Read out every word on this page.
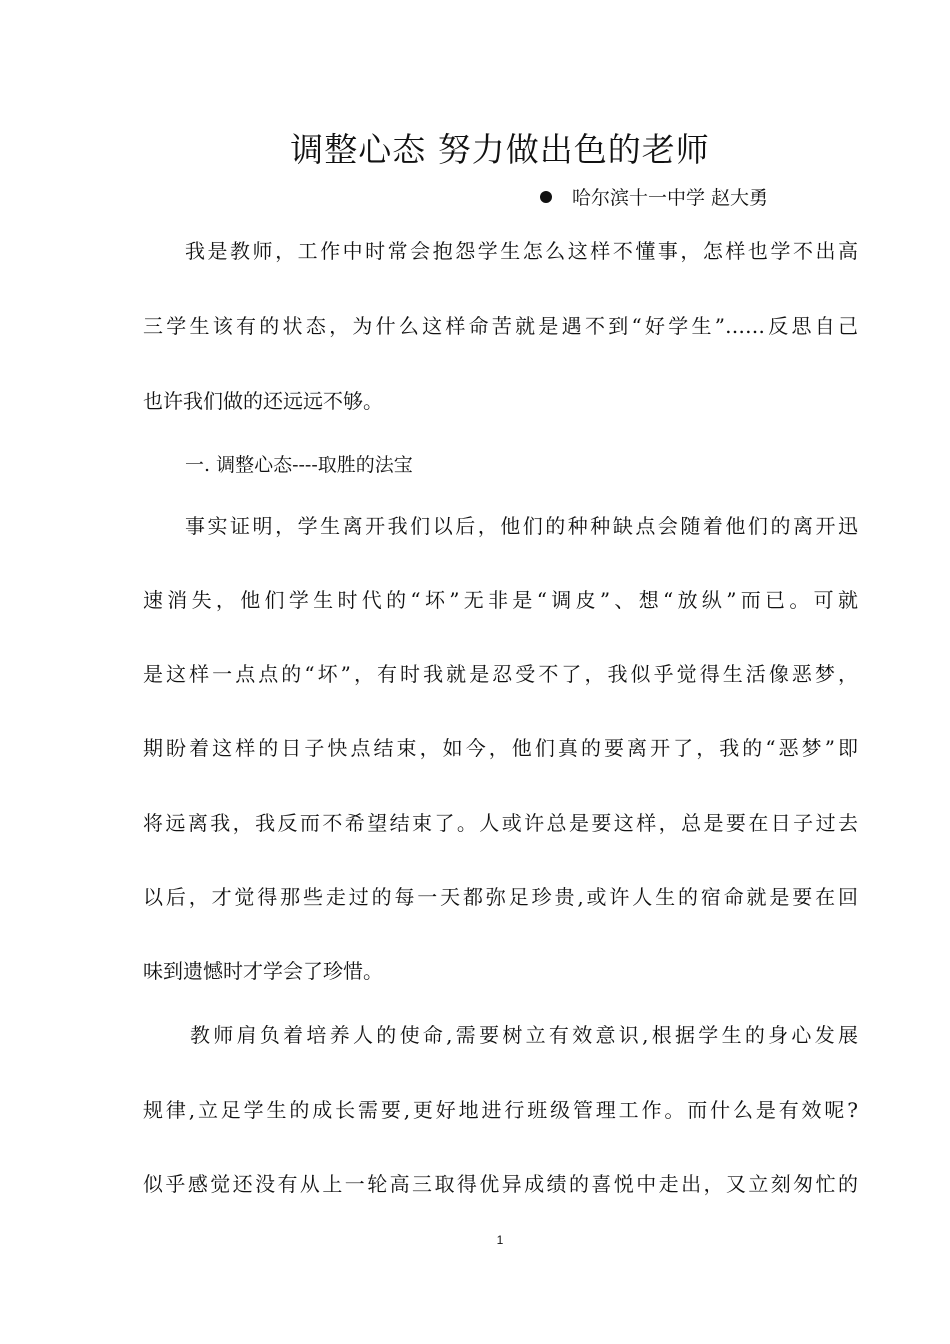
调整心态 努力做出色的老师
哈尔滨十一中学 赵大勇
我是教师，工作中时常会抱怨学生怎么这样不懂事，怎样也学不出高
三学生该有的状态，为什么这样命苦就是遇不到“好学生”……反思自己
也许我们做的还远远不够。
一. 调整心态----取胜的法宝
事实证明，学生离开我们以后，他们的种种缺点会随着他们的离开迅
速消失，他们学生时代的“坏”无非是“调皮”、想“放纵”而已。可就
是这样一点点的“坏”，有时我就是忍受不了，我似乎觉得生活像恶梦，
期盼着这样的日子快点结束，如今，他们真的要离开了，我的“恶梦”即
将远离我，我反而不希望结束了。人或许总是要这样，总是要在日子过去
以后，才觉得那些走过的每一天都弥足珍贵,或许人生的宿命就是要在回
味到遗憾时才学会了珍惜。
教师肩负着培养人的使命,需要树立有效意识,根据学生的身心发展
规律,立足学生的成长需要,更好地进行班级管理工作。而什么是有效呢?
似乎感觉还没有从上一轮高三取得优异成绩的喜悦中走出，又立刻匆忙的
1
